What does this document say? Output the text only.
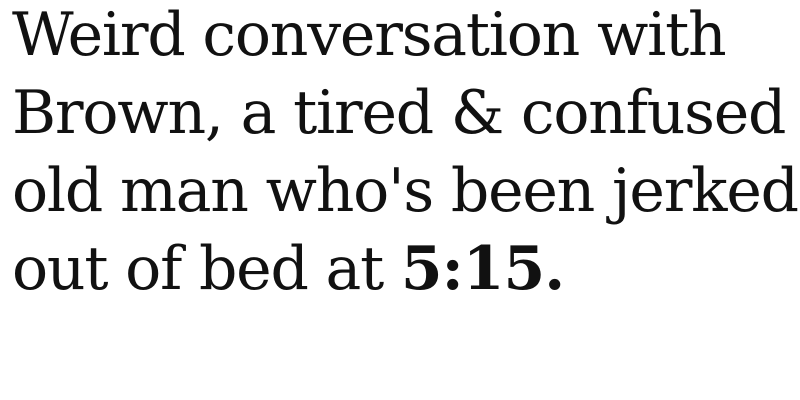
Weird conversation with
Brown, a tired & confused
old man who's been jerked
out of bed at 5:15.
